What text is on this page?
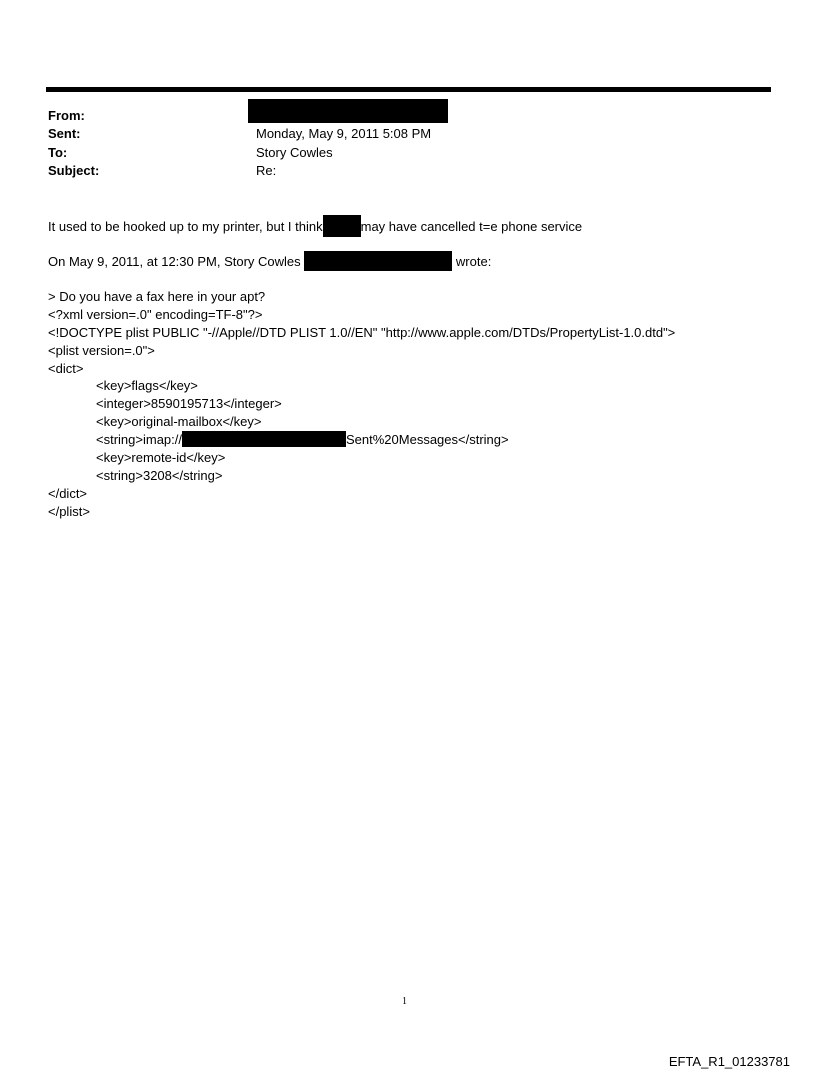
From:
Sent:	Monday, May 9, 2011 5:08 PM
To:	Story Cowles
Subject:	Re:
It used to be hooked up to my printer, but I think	may have cancelled t=e phone service
On May 9, 2011, at 12:30 PM, Story Cowles	wrote:
> Do you have a fax here in your apt?
<?xml version=.0" encoding=TF-8"?>
<!DOCTYPE plist PUBLIC "-//Apple//DTD PLIST 1.0//EN" "http://www.apple.com/DTDs/PropertyList-1.0.dtd">
<plist version=.0">
<dict>
<key>flags</key>
<integer>8590195713</integer>
<key>original-mailbox</key>
<string>imap://	Sent%20Messages</string>
<key>remote-id</key>
<string>3208</string>
</dict>
</plist>
1
EFTA_R1_01233781
